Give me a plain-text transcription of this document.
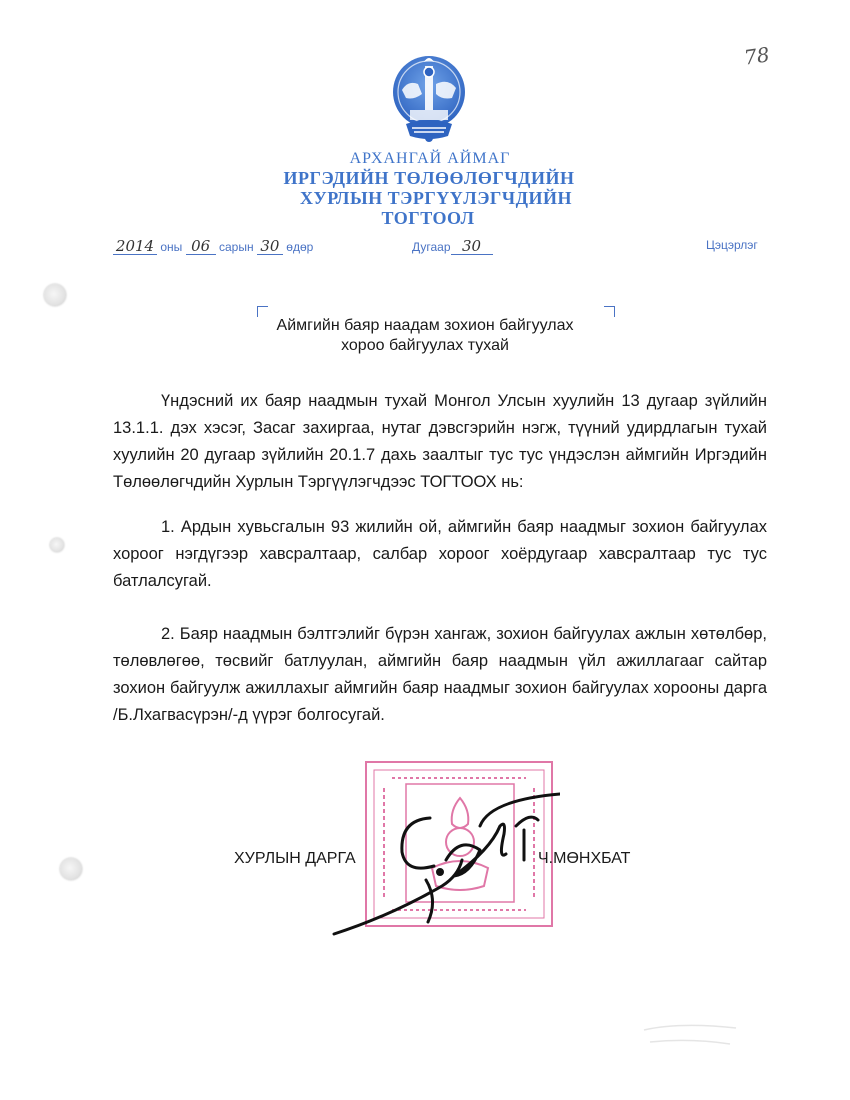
78
АРХАНГАЙ АЙМАГ
ИРГЭДИЙН ТӨЛӨӨЛӨГЧДИЙН
ХУРЛЫН ТЭРГҮҮЛЭГЧДИЙН
ТОГТООЛ
2014 оны 06 сарын 30 өдөр	Дугаар 30	Цэцэрлэг
Аймгийн баяр наадам зохион байгуулах
хороо байгуулах тухай
Үндэсний их баяр наадмын тухай Монгол Улсын хуулийн 13 дугаар зүйлийн 13.1.1. дэх хэсэг, Засаг захиргаа, нутаг дэвсгэрийн нэгж, түүний удирдлагын тухай хуулийн 20 дугаар зүйлийн 20.1.7 дахь заалтыг тус тус үндэслэн аймгийн Иргэдийн Төлөөлөгчдийн Хурлын Тэргүүлэгчдээс ТОГТООХ нь:
1. Ардын хувьсгалын 93 жилийн ой, аймгийн баяр наадмыг зохион байгуулах хороог нэгдүгээр хавсралтаар, салбар хороог хоёрдугаар хавсралтаар тус тус батлалсугай.
2. Баяр наадмын бэлтгэлийг бүрэн хангаж, зохион байгуулах ажлын хөтөлбөр, төлөвлөгөө, төсвийг батлуулан, аймгийн баяр наадмын үйл ажиллагааг сайтар зохион байгуулж ажиллахыг аймгийн баяр наадмыг зохион байгуулах хорооны дарга /Б.Лхагвасүрэн/-д үүрэг болгосугай.
ХУРЛЫН ДАРГА	Ч.МӨНХБАТ
